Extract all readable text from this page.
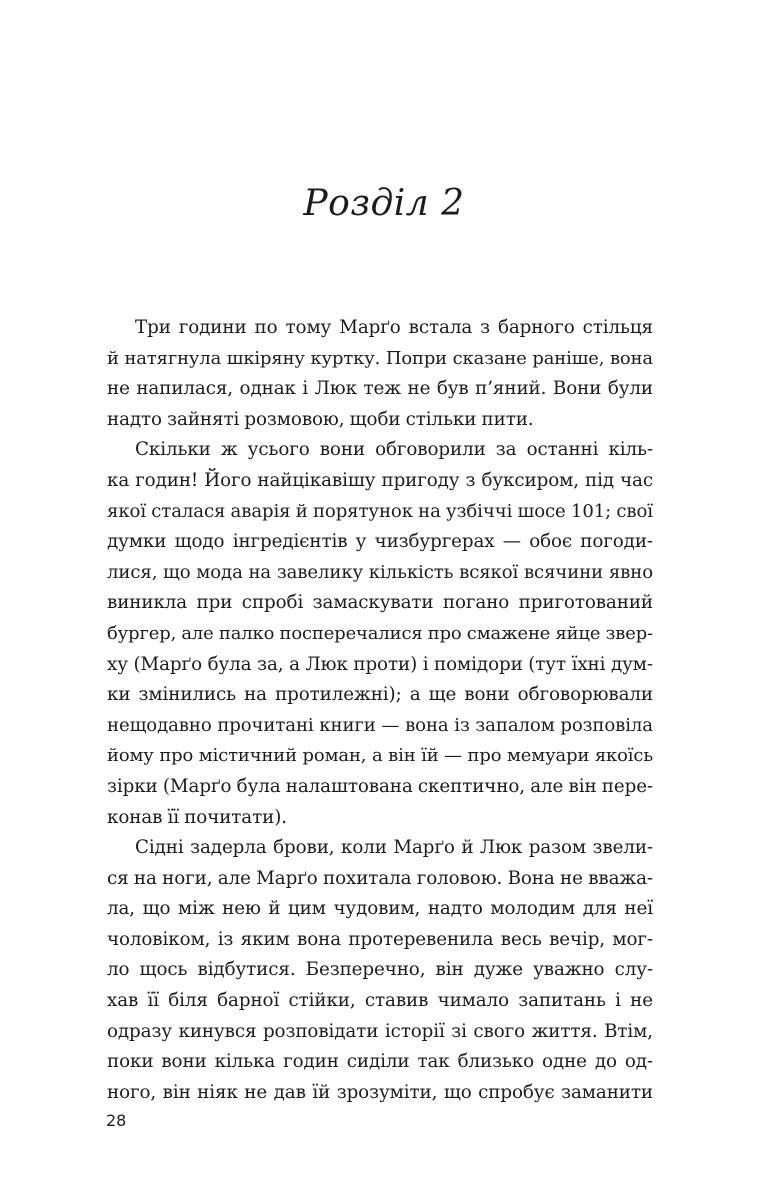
Розділ 2
Три години по тому Марґо встала з барного стільця
й натягнула шкіряну куртку. Попри сказане раніше, вона
не напилася, однак і Люк теж не був п’яний. Вони були
надто зайняті розмовою, щоби стільки пити.
Скільки ж усього вони обговорили за останні кіль-
ка годин! Його найцікавішу пригоду з буксиром, під час
якої сталася аварія й порятунок на узбіччі шосе 101; свої
думки щодо інгредієнтів у чизбургерах — обоє погоди-
лися, що мода на завелику кількість всякої всячини явно
виникла при спробі замаскувати погано приготований
бургер, але палко посперечалися про смажене яйце звер-
ху (Марґо була за, а Люк проти) і помідори (тут їхні дум-
ки змінились на протилежні); а ще вони обговорювали
нещодавно прочитані книги — вона із запалом розповіла
йому про містичний роман, а він їй — про мемуари якоїсь
зірки (Марґо була налаштована скептично, але він пере-
конав її почитати).
Сідні задерла брови, коли Марґо й Люк разом звели-
ся на ноги, але Марґо похитала головою. Вона не вважа-
ла, що між нею й цим чудовим, надто молодим для неї
чоловіком, із яким вона протеревенила весь вечір, мог-
ло щось відбутися. Безперечно, він дуже уважно слу-
хав її біля барної стійки, ставив чимало запитань і не
одразу кинувся розповідати історії зі свого життя. Втім,
поки вони кілька годин сиділи так близько одне до од-
ного, він ніяк не дав їй зрозуміти, що спробує заманити
28
